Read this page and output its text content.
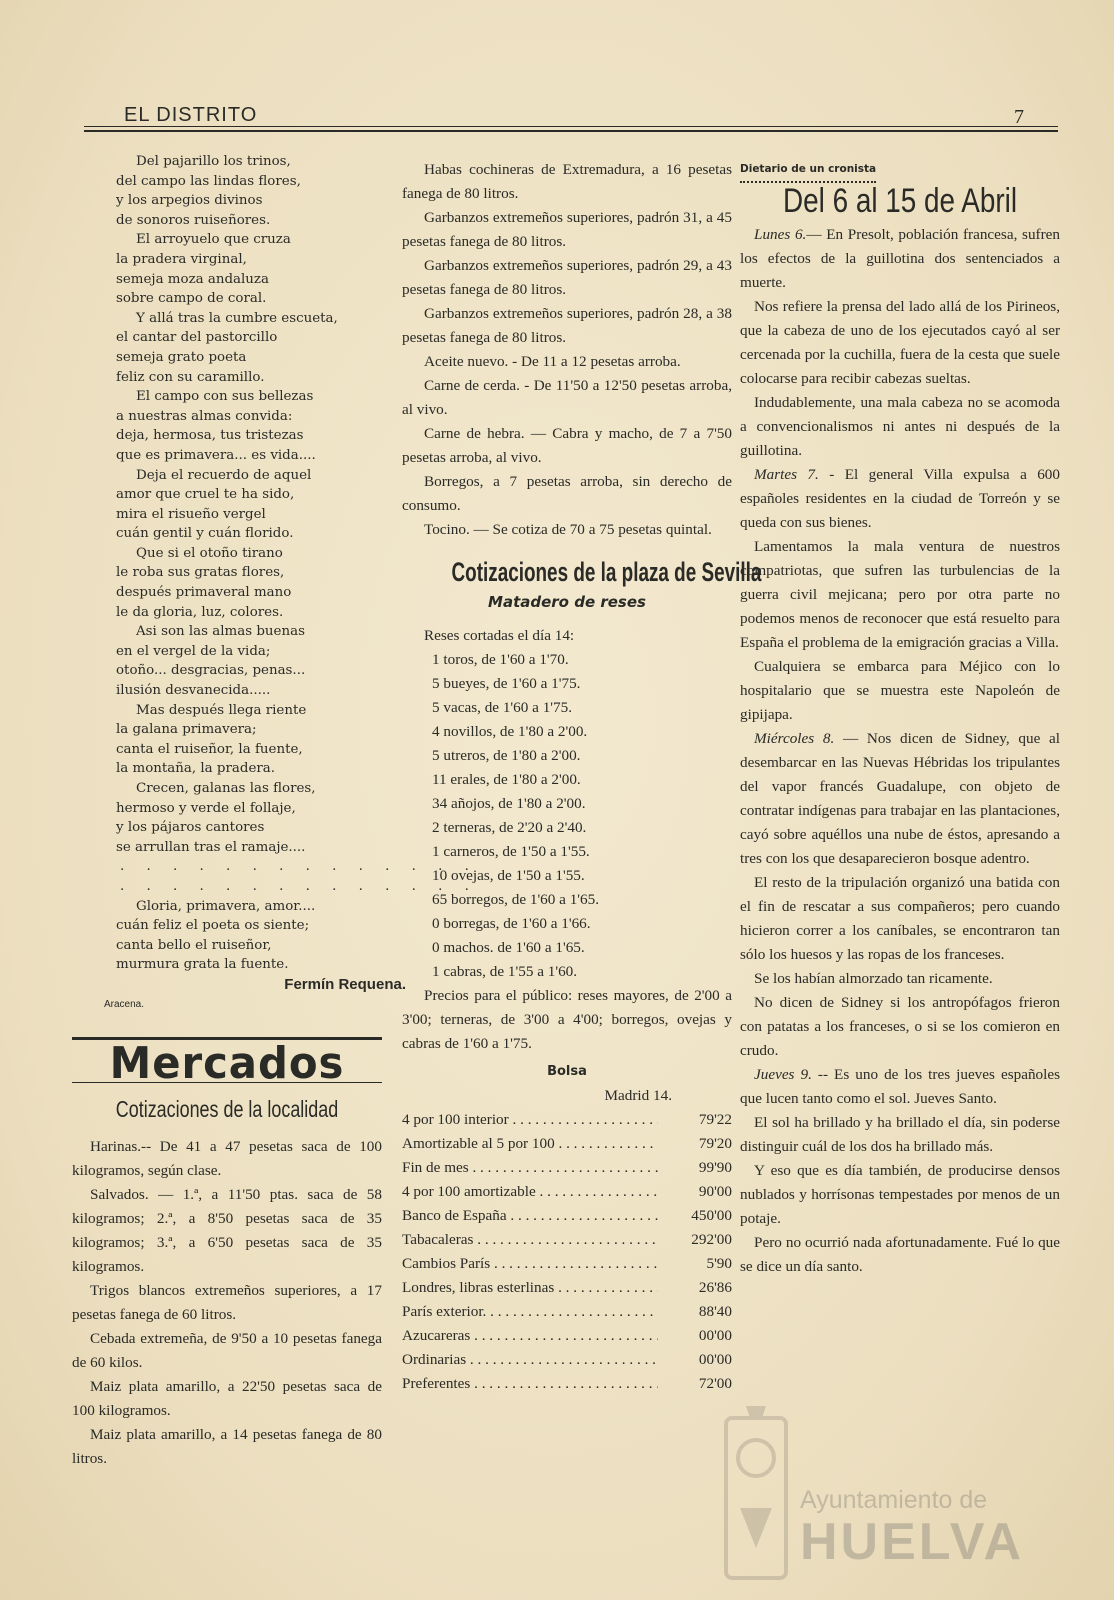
EL DISTRITO	7
Del pajarillo los trinos,
del campo las lindas flores,
y los arpegios divinos
de sonoros ruiseñores.
El arroyuelo que cruza
la pradera virginal,
semeja moza andaluza
sobre campo de coral.
Y allá tras la cumbre escueta,
el cantar del pastorcillo
semeja grato poeta
feliz con su caramillo.
El campo con sus bellezas
a nuestras almas convida:
deja, hermosa, tus tristezas
que es primavera... es vida....
Deja el recuerdo de aquel
amor que cruel te ha sido,
mira el risueño vergel
cuán gentil y cuán florido.
Que si el otoño tirano
le roba sus gratas flores,
después primaveral mano
le da gloria, luz, colores.
Asi son las almas buenas
en el vergel de la vida;
otoño... desgracias, penas...
ilusión desvanecida.....
Mas después llega riente
la galana primavera;
canta el ruiseñor, la fuente,
la montaña, la pradera.
Crecen, galanas las flores,
hermoso y verde el follaje,
y los pájaros cantores
se arrullan tras el ramaje....
. . . . . . . . . . . . . .
. . . . . . . . . . . . . .
Gloria, primavera, amor....
cuán feliz el poeta os siente;
canta bello el ruiseñor,
murmura grata la fuente.
Fermín Requena.
Aracena.
Mercados
Cotizaciones de la localidad

Harinas.-- De 41 a 47 pesetas saca de 100 kilogramos, según clase.

Salvados. — 1.ª, a 11'50 ptas. saca de 58 kilogramos; 2.ª, a 8'50 pesetas saca de 35 kilogramos; 3.ª, a 6'50 pesetas saca de 35 kilogramos.

Trigos blancos extremeños superiores, a 17 pesetas fanega de 60 litros.

Cebada extremeña, de 9'50 a 10 pesetas fanega de 60 kilos.

Maiz plata amarillo, a 22'50 pesetas saca de 100 kilogramos.

Maiz plata amarillo, a 14 pesetas fanega de 80 litros.

Habas cochineras de Extremadura, a 16 pesetas fanega de 80 litros.

Garbanzos extremeños superiores, padrón 31, a 45 pesetas fanega de 80 litros.

Garbanzos extremeños superiores, padrón 29, a 43 pesetas fanega de 80 litros.

Garbanzos extremeños superiores, padrón 28, a 38 pesetas fanega de 80 litros.

Aceite nuevo. - De 11 a 12 pesetas arroba.

Carne de cerda. - De 11'50 a 12'50 pesetas arroba, al vivo.

Carne de hebra. — Cabra y macho, de 7 a 7'50 pesetas arroba, al vivo.

Borregos, a 7 pesetas arroba, sin derecho de consumo.

Tocino. — Se cotiza de 70 a 75 pesetas quintal.

Cotizaciones de la plaza de Sevilla
Matadero de reses

Reses cortadas el día 14:

1 toros, de 1'60 a 1'70.

5 bueyes, de 1'60 a 1'75.

5 vacas, de 1'60 a 1'75.

4 novillos, de 1'80 a 2'00.

5 utreros, de 1'80 a 2'00.

11 erales, de 1'80 a 2'00.

34 añojos, de 1'80 a 2'00.

2 terneras, de 2'20 a 2'40.

1 carneros, de 1'50 a 1'55.

10 ovejas, de 1'50 a 1'55.

65 borregos, de 1'60 a 1'65.

0 borregas, de 1'60 a 1'66.

0 machos. de 1'60 a 1'65.

1 cabras, de 1'55 a 1'60.

Precios para el público: reses mayores, de 2'00 a 3'00; terneras, de 3'00 a 4'00; borregos, ovejas y cabras de 1'60 a 1'75.

Bolsa
Madrid 14.
4 por 100 interior . . .	79'22
Amortizable al 5 por 100 . . .	79'20
Fin de mes . . .	99'90
4 por 100 amortizable . . .	90'00
Banco de España . . .	450'00
Tabacaleras . . .	292'00
Cambios París . . .	5'90
Londres, libras esterlinas . . .	26'86
París exterior. . . .	88'40
Azucareras . . .	00'00
Ordinarias . . .	00'00
Preferentes . . .	72'00
Dietario de un cronista
Del 6 al 15 de Abril

Lunes 6.— En Presolt, población francesa, sufren los efectos de la guillotina dos sentenciados a muerte.

Nos refiere la prensa del lado allá de los Pirineos, que la cabeza de uno de los ejecutados cayó al ser cercenada por la cuchilla, fuera de la cesta que suele colocarse para recibir cabezas sueltas.

Indudablemente, una mala cabeza no se acomoda a convencionalismos ni antes ni después de la guillotina.

Martes 7. - El general Villa expulsa a 600 españoles residentes en la ciudad de Torreón y se queda con sus bienes.

Lamentamos la mala ventura de nuestros compatriotas, que sufren las turbulencias de la guerra civil mejicana; pero por otra parte no podemos menos de reconocer que está resuelto para España el problema de la emigración gracias a Villa.

Cualquiera se embarca para Méjico con lo hospitalario que se muestra este Napoleón de gipijapa.

Miércoles 8. — Nos dicen de Sidney, que al desembarcar en las Nuevas Hébridas los tripulantes del vapor francés Guadalupe, con objeto de contratar indígenas para trabajar en las plantaciones, cayó sobre aquéllos una nube de éstos, apresando a tres con los que desaparecieron bosque adentro.

El resto de la tripulación organizó una batida con el fin de rescatar a sus compañeros; pero cuando hicieron correr a los caníbales, se encontraron tan sólo los huesos y las ropas de los franceses.

Se los habían almorzado tan ricamente.

No dicen de Sidney si los antropófagos frieron con patatas a los franceses, o si se los comieron en crudo.

Jueves 9. -- Es uno de los tres jueves españoles que lucen tanto como el sol. Jueves Santo.

El sol ha brillado y ha brillado el día, sin poderse distinguir cuál de los dos ha brillado más.

Y eso que es día también, de producirse densos nublados y horrísonas tempestades por menos de un potaje.

Pero no ocurrió nada afortunadamente. Fué lo que se dice un día santo.

Ayuntamiento de
HUELVA
